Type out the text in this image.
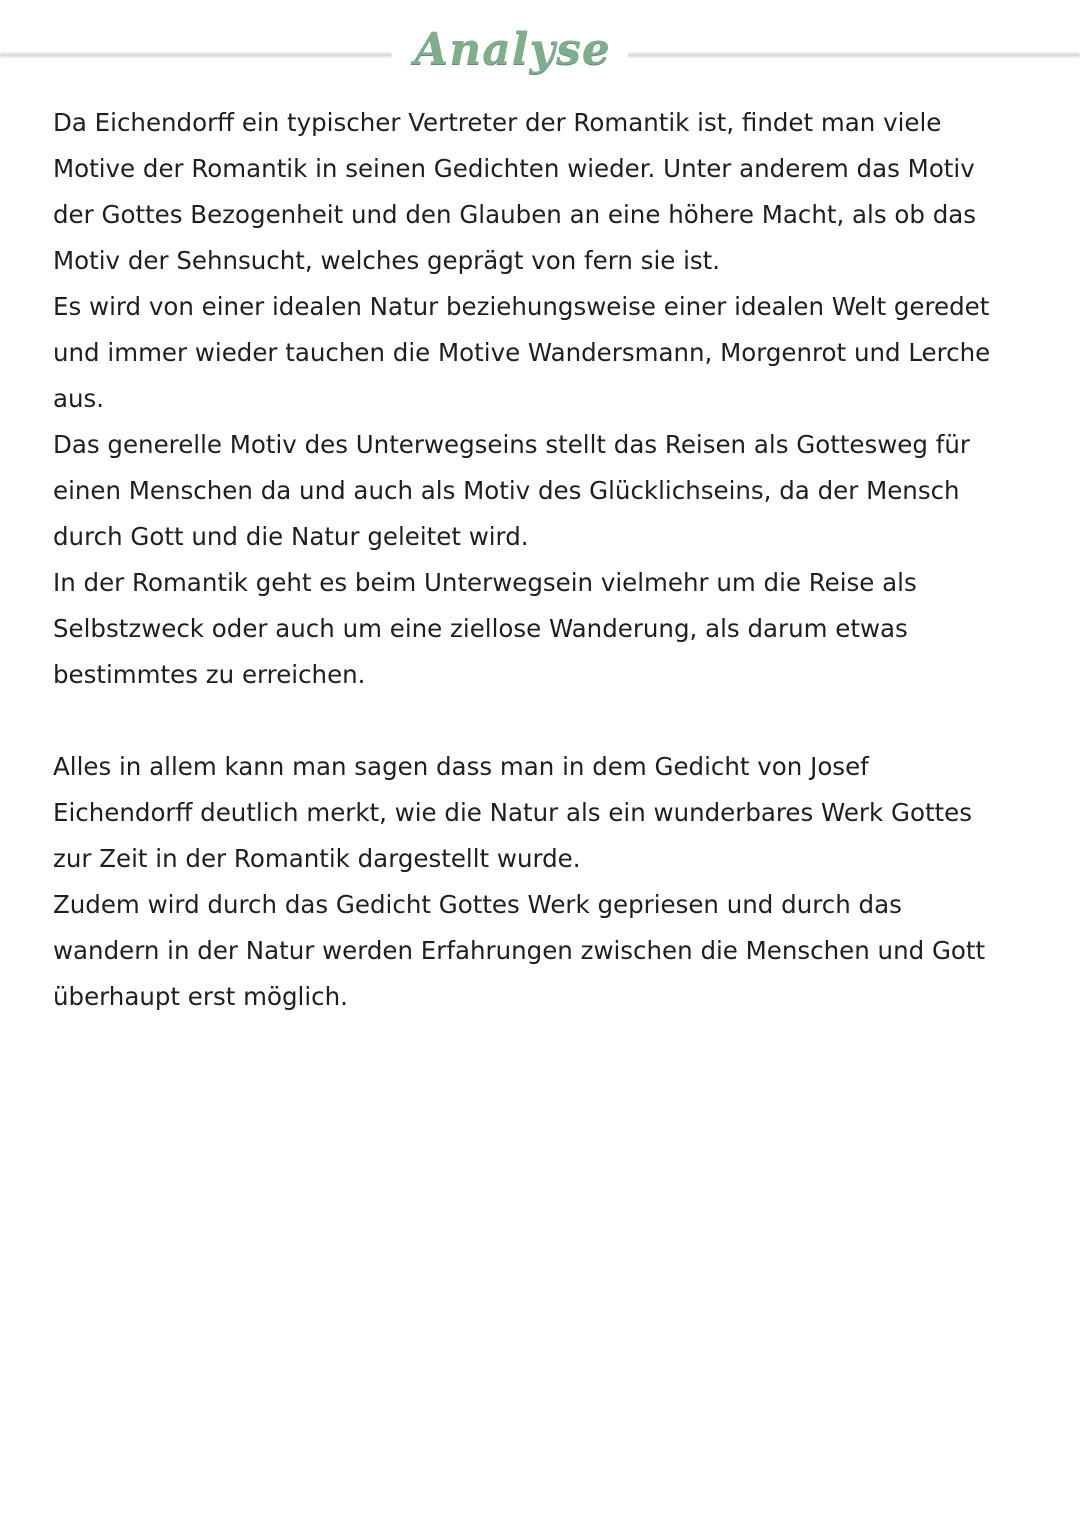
Analyse

Da Eichendorff ein typischer Vertreter der Romantik ist, findet man viele Motive der Romantik in seinen Gedichten wieder. Unter anderem das Motiv der Gottes Bezogenheit und den Glauben an eine höhere Macht, als ob das Motiv der Sehnsucht, welches geprägt von fern sie ist.

Es wird von einer idealen Natur beziehungsweise einer idealen Welt geredet und immer wieder tauchen die Motive Wandersmann, Morgenrot und Lerche aus.

Das generelle Motiv des Unterwegseins stellt das Reisen als Gottesweg für einen Menschen da und auch als Motiv des Glücklichseins, da der Mensch durch Gott und die Natur geleitet wird.

In der Romantik geht es beim Unterwegsein vielmehr um die Reise als Selbstzweck oder auch um eine ziellose Wanderung, als darum etwas bestimmtes zu erreichen.

Alles in allem kann man sagen dass man in dem Gedicht von Josef Eichendorff deutlich merkt, wie die Natur als ein wunderbares Werk Gottes zur Zeit in der Romantik dargestellt wurde.

Zudem wird durch das Gedicht Gottes Werk gepriesen und durch das wandern in der Natur werden Erfahrungen zwischen die Menschen und Gott überhaupt erst möglich.
